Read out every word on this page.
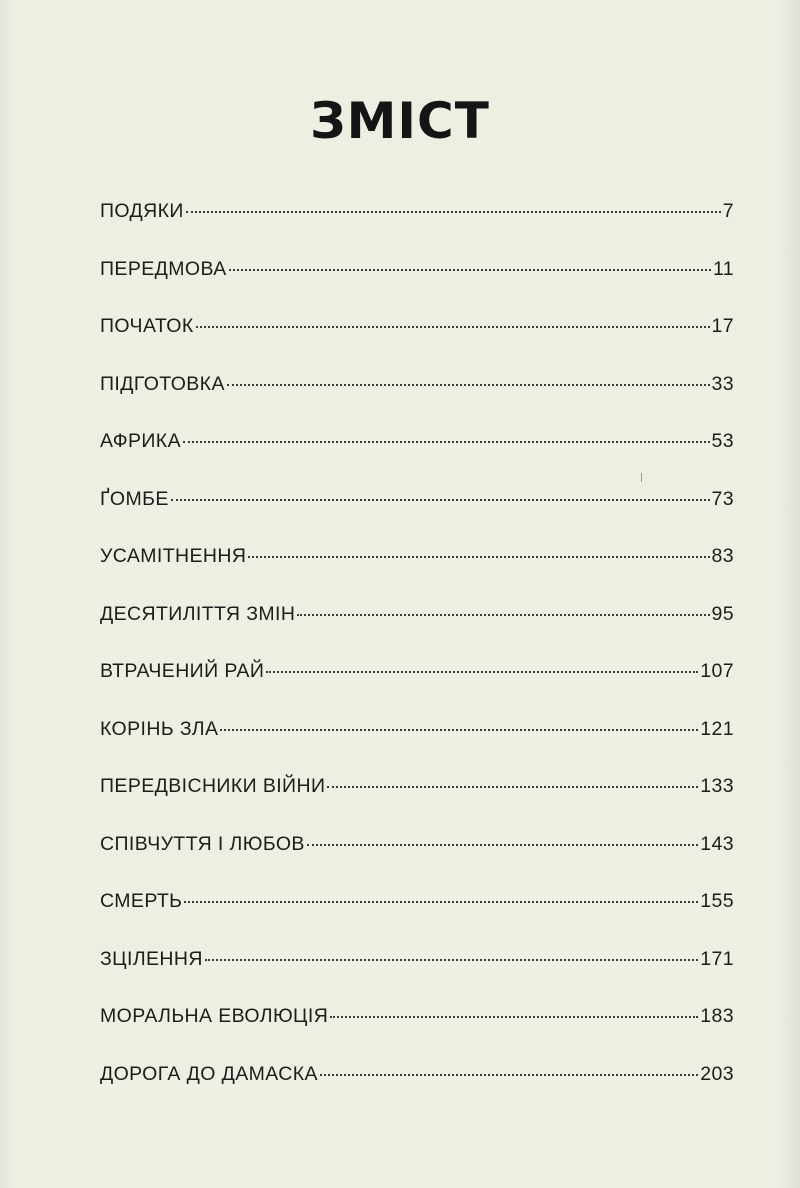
ЗМІСТ
ПОДЯКИ	7
ПЕРЕДМОВА	11
ПОЧАТОК	17
ПІДГОТОВКА	33
АФРИКА	53
ҐОМБЕ	73
УСАМІТНЕННЯ	83
ДЕСЯТИЛІТТЯ ЗМІН	95
ВТРАЧЕНИЙ РАЙ	107
КОРІНЬ ЗЛА	121
ПЕРЕДВІСНИКИ ВІЙНИ	133
СПІВЧУТТЯ І ЛЮБОВ	143
СМЕРТЬ	155
ЗЦІЛЕННЯ	171
МОРАЛЬНА ЕВОЛЮЦІЯ	183
ДОРОГА ДО ДАМАСКА	203
